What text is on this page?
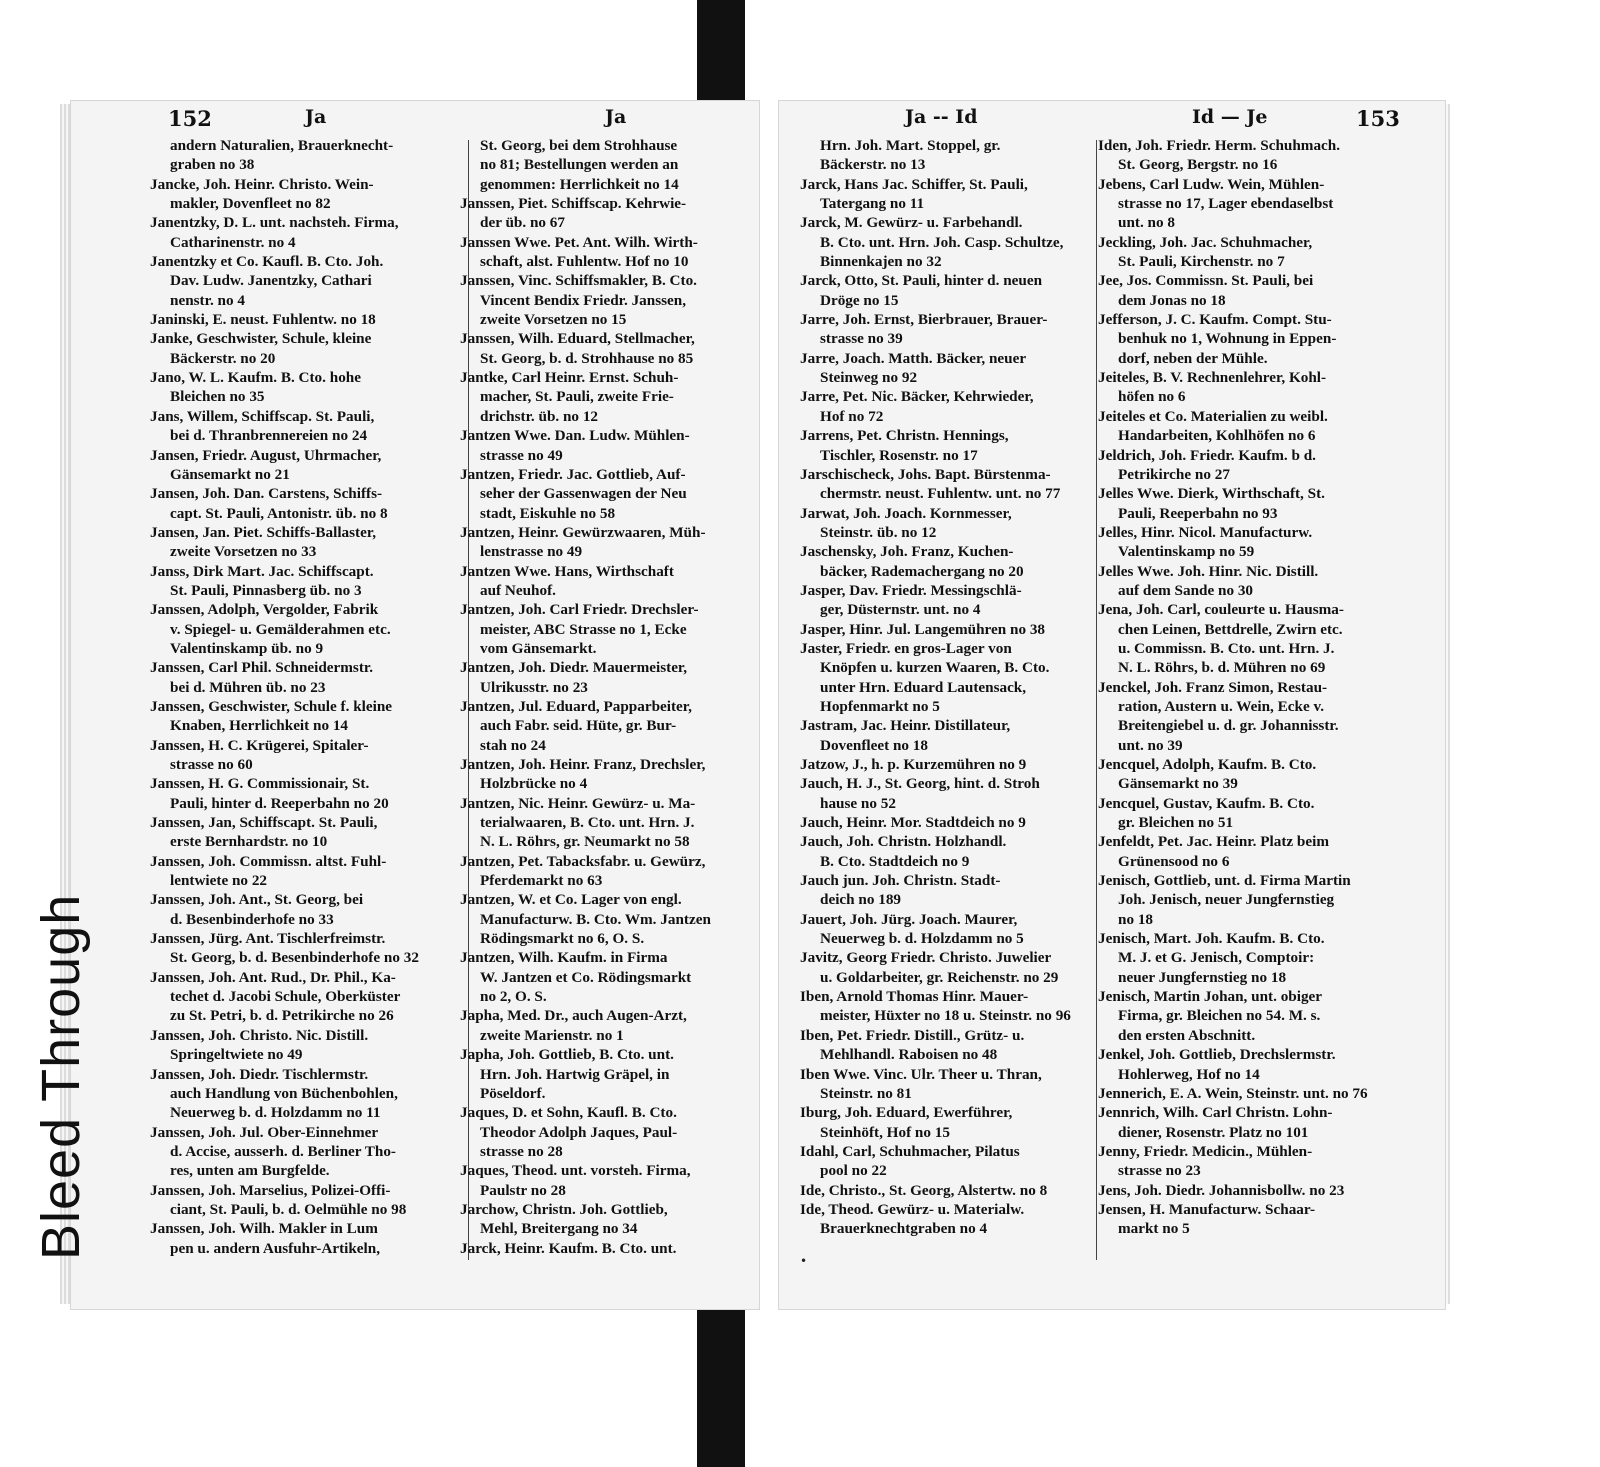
Bleed Through
152	Ja	Ja	Ja -- Id	Id — Je	153
andern Naturalien, Brauerknecht-
graben no 38
Jancke, Joh. Heinr. Christo. Wein-
makler, Dovenfleet no 82
Janentzky, D. L. unt. nachsteh. Firma,
Catharinenstr. no 4
Janentzky et Co. Kaufl. B. Cto. Joh.
Dav. Ludw. Janentzky, Cathari
nenstr. no 4
Janinski, E. neust. Fuhlentw. no 18
Janke, Geschwister, Schule, kleine
Bäckerstr. no 20
Jano, W. L. Kaufm. B. Cto. hohe
Bleichen no 35
Jans, Willem, Schiffscap. St. Pauli,
bei d. Thranbrennereien no 24
Jansen, Friedr. August, Uhrmacher,
Gänsemarkt no 21
Jansen, Joh. Dan. Carstens, Schiffs-
capt. St. Pauli, Antonistr. üb. no 8
Jansen, Jan. Piet. Schiffs-Ballaster,
zweite Vorsetzen no 33
Janss, Dirk Mart. Jac. Schiffscapt.
St. Pauli, Pinnasberg üb. no 3
Janssen, Adolph, Vergolder, Fabrik
v. Spiegel- u. Gemälderahmen etc.
Valentinskamp üb. no 9
Janssen, Carl Phil. Schneidermstr.
bei d. Mühren üb. no 23
Janssen, Geschwister, Schule f. kleine
Knaben, Herrlichkeit no 14
Janssen, H. C. Krügerei, Spitaler-
strasse no 60
Janssen, H. G. Commissionair, St.
Pauli, hinter d. Reeperbahn no 20
Janssen, Jan, Schiffscapt. St. Pauli,
erste Bernhardstr. no 10
Janssen, Joh. Commissn. altst. Fuhl-
lentwiete no 22
Janssen, Joh. Ant., St. Georg, bei
d. Besenbinderhofe no 33
Janssen, Jürg. Ant. Tischlerfreimstr.
St. Georg, b. d. Besenbinderhofe no 32
Janssen, Joh. Ant. Rud., Dr. Phil., Ka-
techet d. Jacobi Schule, Oberküster
zu St. Petri, b. d. Petrikirche no 26
Janssen, Joh. Christo. Nic. Distill.
Springeltwiete no 49
Janssen, Joh. Diedr. Tischlermstr.
auch Handlung von Büchenbohlen,
Neuerweg b. d. Holzdamm no 11
Janssen, Joh. Jul. Ober-Einnehmer
d. Accise, ausserh. d. Berliner Tho-
res, unten am Burgfelde.
Janssen, Joh. Marselius, Polizei-Offi-
ciant, St. Pauli, b. d. Oelmühle no 98
Janssen, Joh. Wilh. Makler in Lum
pen u. andern Ausfuhr-Artikeln,
St. Georg, bei dem Strohhause
no 81; Bestellungen werden an
genommen: Herrlichkeit no 14
Janssen, Piet. Schiffscap. Kehrwie-
der üb. no 67
Janssen Wwe. Pet. Ant. Wilh. Wirth-
schaft, alst. Fuhlentw. Hof no 10
Janssen, Vinc. Schiffsmakler, B. Cto.
Vincent Bendix Friedr. Janssen,
zweite Vorsetzen no 15
Janssen, Wilh. Eduard, Stellmacher,
St. Georg, b. d. Strohhause no 85
Jantke, Carl Heinr. Ernst. Schuh-
macher, St. Pauli, zweite Frie-
drichstr. üb. no 12
Jantzen Wwe. Dan. Ludw. Mühlen-
strasse no 49
Jantzen, Friedr. Jac. Gottlieb, Auf-
seher der Gassenwagen der Neu
stadt, Eiskuhle no 58
Jantzen, Heinr. Gewürzwaaren, Müh-
lenstrasse no 49
Jantzen Wwe. Hans, Wirthschaft
auf Neuhof.
Jantzen, Joh. Carl Friedr. Drechsler-
meister, ABC Strasse no 1, Ecke
vom Gänsemarkt.
Jantzen, Joh. Diedr. Mauermeister,
Ulrikusstr. no 23
Jantzen, Jul. Eduard, Papparbeiter,
auch Fabr. seid. Hüte, gr. Bur-
stah no 24
Jantzen, Joh. Heinr. Franz, Drechsler,
Holzbrücke no 4
Jantzen, Nic. Heinr. Gewürz- u. Ma-
terialwaaren, B. Cto. unt. Hrn. J.
N. L. Röhrs, gr. Neumarkt no 58
Jantzen, Pet. Tabacksfabr. u. Gewürz,
Pferdemarkt no 63
Jantzen, W. et Co. Lager von engl.
Manufacturw. B. Cto. Wm. Jantzen
Rödingsmarkt no 6, O. S.
Jantzen, Wilh. Kaufm. in Firma
W. Jantzen et Co. Rödingsmarkt
no 2, O. S.
Japha, Med. Dr., auch Augen-Arzt,
zweite Marienstr. no 1
Japha, Joh. Gottlieb, B. Cto. unt.
Hrn. Joh. Hartwig Gräpel, in
Pöseldorf.
Jaques, D. et Sohn, Kaufl. B. Cto.
Theodor Adolph Jaques, Paul-
strasse no 28
Jaques, Theod. unt. vorsteh. Firma,
Paulstr no 28
Jarchow, Christn. Joh. Gottlieb,
Mehl, Breitergang no 34
Jarck, Heinr. Kaufm. B. Cto. unt.
Hrn. Joh. Mart. Stoppel, gr.
Bäckerstr. no 13
Jarck, Hans Jac. Schiffer, St. Pauli,
Tatergang no 11
Jarck, M. Gewürz- u. Farbehandl.
B. Cto. unt. Hrn. Joh. Casp. Schultze,
Binnenkajen no 32
Jarck, Otto, St. Pauli, hinter d. neuen
Dröge no 15
Jarre, Joh. Ernst, Bierbrauer, Brauer-
strasse no 39
Jarre, Joach. Matth. Bäcker, neuer
Steinweg no 92
Jarre, Pet. Nic. Bäcker, Kehrwieder,
Hof no 72
Jarrens, Pet. Christn. Hennings,
Tischler, Rosenstr. no 17
Jarschischeck, Johs. Bapt. Bürstenma-
chermstr. neust. Fuhlentw. unt. no 77
Jarwat, Joh. Joach. Kornmesser,
Steinstr. üb. no 12
Jaschensky, Joh. Franz, Kuchen-
bäcker, Rademachergang no 20
Jasper, Dav. Friedr. Messingschlä-
ger, Düsternstr. unt. no 4
Jasper, Hinr. Jul. Langemühren no 38
Jaster, Friedr. en gros-Lager von
Knöpfen u. kurzen Waaren, B. Cto.
unter Hrn. Eduard Lautensack,
Hopfenmarkt no 5
Jastram, Jac. Heinr. Distillateur,
Dovenfleet no 18
Jatzow, J., h. p. Kurzemühren no 9
Jauch, H. J., St. Georg, hint. d. Stroh
hause no 52
Jauch, Heinr. Mor. Stadtdeich no 9
Jauch, Joh. Christn. Holzhandl.
B. Cto. Stadtdeich no 9
Jauch jun. Joh. Christn. Stadt-
deich no 189
Jauert, Joh. Jürg. Joach. Maurer,
Neuerweg b. d. Holzdamm no 5
Javitz, Georg Friedr. Christo. Juwelier
u. Goldarbeiter, gr. Reichenstr. no 29
Iben, Arnold Thomas Hinr. Mauer-
meister, Hüxter no 18 u. Steinstr. no 96
Iben, Pet. Friedr. Distill., Grütz- u.
Mehlhandl. Raboisen no 48
Iben Wwe. Vinc. Ulr. Theer u. Thran,
Steinstr. no 81
Iburg, Joh. Eduard, Ewerführer,
Steinhöft, Hof no 15
Idahl, Carl, Schuhmacher, Pilatus
pool no 22
Ide, Christo., St. Georg, Alstertw. no 8
Ide, Theod. Gewürz- u. Materialw.
Brauerknechtgraben no 4
Iden, Joh. Friedr. Herm. Schuhmach.
St. Georg, Bergstr. no 16
Jebens, Carl Ludw. Wein, Mühlen-
strasse no 17, Lager ebendaselbst
unt. no 8
Jeckling, Joh. Jac. Schuhmacher,
St. Pauli, Kirchenstr. no 7
Jee, Jos. Commissn. St. Pauli, bei
dem Jonas no 18
Jefferson, J. C. Kaufm. Compt. Stu-
benhuk no 1, Wohnung in Eppen-
dorf, neben der Mühle.
Jeiteles, B. V. Rechnenlehrer, Kohl-
höfen no 6
Jeiteles et Co. Materialien zu weibl.
Handarbeiten, Kohlhöfen no 6
Jeldrich, Joh. Friedr. Kaufm. b d.
Petrikirche no 27
Jelles Wwe. Dierk, Wirthschaft, St.
Pauli, Reeperbahn no 93
Jelles, Hinr. Nicol. Manufacturw.
Valentinskamp no 59
Jelles Wwe. Joh. Hinr. Nic. Distill.
auf dem Sande no 30
Jena, Joh. Carl, couleurte u. Hausma-
chen Leinen, Bettdrelle, Zwirn etc.
u. Commissn. B. Cto. unt. Hrn. J.
N. L. Röhrs, b. d. Mühren no 69
Jenckel, Joh. Franz Simon, Restau-
ration, Austern u. Wein, Ecke v.
Breitengiebel u. d. gr. Johannisstr.
unt. no 39
Jencquel, Adolph, Kaufm. B. Cto.
Gänsemarkt no 39
Jencquel, Gustav, Kaufm. B. Cto.
gr. Bleichen no 51
Jenfeldt, Pet. Jac. Heinr. Platz beim
Grünensood no 6
Jenisch, Gottlieb, unt. d. Firma Martin
Joh. Jenisch, neuer Jungfernstieg
no 18
Jenisch, Mart. Joh. Kaufm. B. Cto.
M. J. et G. Jenisch, Comptoir:
neuer Jungfernstieg no 18
Jenisch, Martin Johan, unt. obiger
Firma, gr. Bleichen no 54. M. s.
den ersten Abschnitt.
Jenkel, Joh. Gottlieb, Drechslermstr.
Hohlerweg, Hof no 14
Jennerich, E. A. Wein, Steinstr. unt. no 76
Jennrich, Wilh. Carl Christn. Lohn-
diener, Rosenstr. Platz no 101
Jenny, Friedr. Medicin., Mühlen-
strasse no 23
Jens, Joh. Diedr. Johannisbollw. no 23
Jensen, H. Manufacturw. Schaar-
markt no 5
•
